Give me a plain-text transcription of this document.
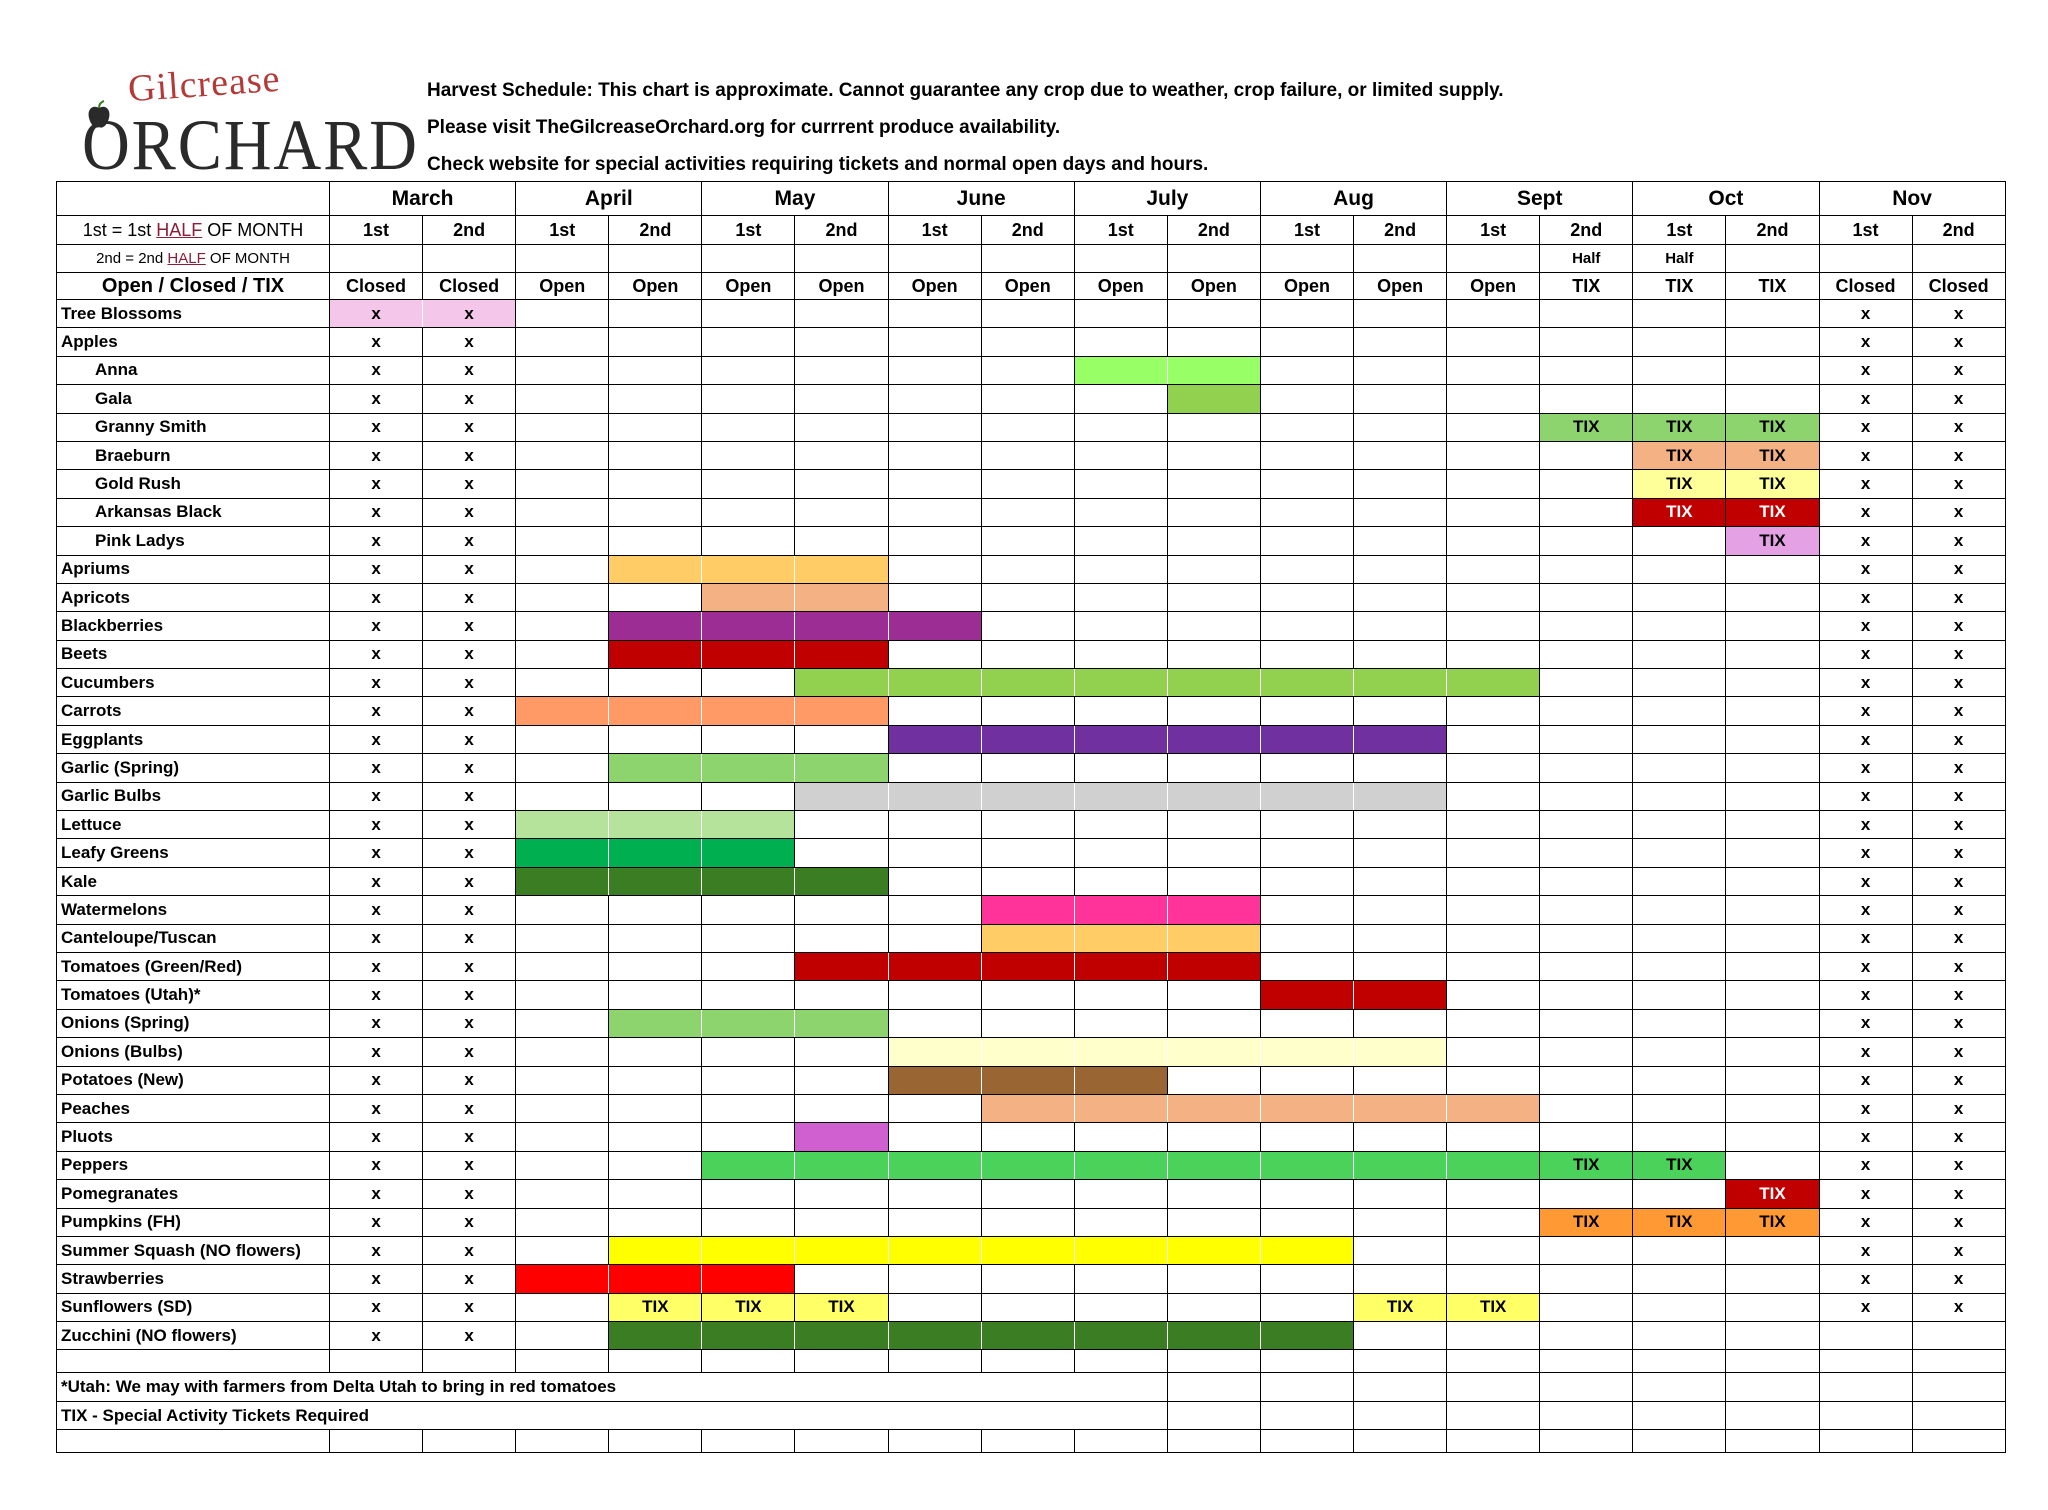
Gilcrease
ORCHARD
Harvest Schedule: This chart is approximate. Cannot guarantee any crop due to weather, crop failure, or limited supply.
Please visit TheGilcreaseOrchard.org for currrent produce availability.
Check website for special activities requiring tickets and normal open days and hours.
	March		April		May		June		July		Aug		Sept		Oct		Nov	
1st = 1st HALF OF MONTH	1st	2nd	1st	2nd	1st	2nd	1st	2nd	1st	2nd	1st	2nd	1st	2nd	1st	2nd	1st	2nd
2nd = 2nd HALF OF MONTH														Half	Half			
Open / Closed / TIX	Closed	Closed	Open	Open	Open	Open	Open	Open	Open	Open	Open	Open	Open	TIX	TIX	TIX	Closed	Closed
Tree Blossoms	x	x															x	x
Apples	x	x															x	x
Anna	x	x															x	x
Gala	x	x															x	x
Granny Smith	x	x												TIX	TIX	TIX	x	x
Braeburn	x	x													TIX	TIX	x	x
Gold Rush	x	x													TIX	TIX	x	x
Arkansas Black	x	x													TIX	TIX	x	x
Pink Ladys	x	x														TIX	x	x
Apriums	x	x															x	x
Apricots	x	x															x	x
Blackberries	x	x															x	x
Beets	x	x															x	x
Cucumbers	x	x															x	x
Carrots	x	x															x	x
Eggplants	x	x															x	x
Garlic (Spring)	x	x															x	x
Garlic Bulbs	x	x															x	x
Lettuce	x	x															x	x
Leafy Greens	x	x															x	x
Kale	x	x															x	x
Watermelons	x	x															x	x
Canteloupe/Tuscan	x	x															x	x
Tomatoes (Green/Red)	x	x															x	x
Tomatoes (Utah)*	x	x															x	x
Onions (Spring)	x	x															x	x
Onions (Bulbs)	x	x															x	x
Potatoes (New)	x	x															x	x
Peaches	x	x															x	x
Pluots	x	x															x	x
Peppers	x	x												TIX	TIX		x	x
Pomegranates	x	x														TIX	x	x
Pumpkins (FH)	x	x												TIX	TIX	TIX	x	x
Summer Squash (NO flowers)	x	x															x	x
Strawberries	x	x															x	x
Sunflowers (SD)	x	x		TIX	TIX	TIX						TIX	TIX				x	x
Zucchini (NO flowers)	x	x																

*Utah: We may with farmers from Delta Utah to bring in red tomatoes																		
TIX - Special Activity Tickets Required																		
